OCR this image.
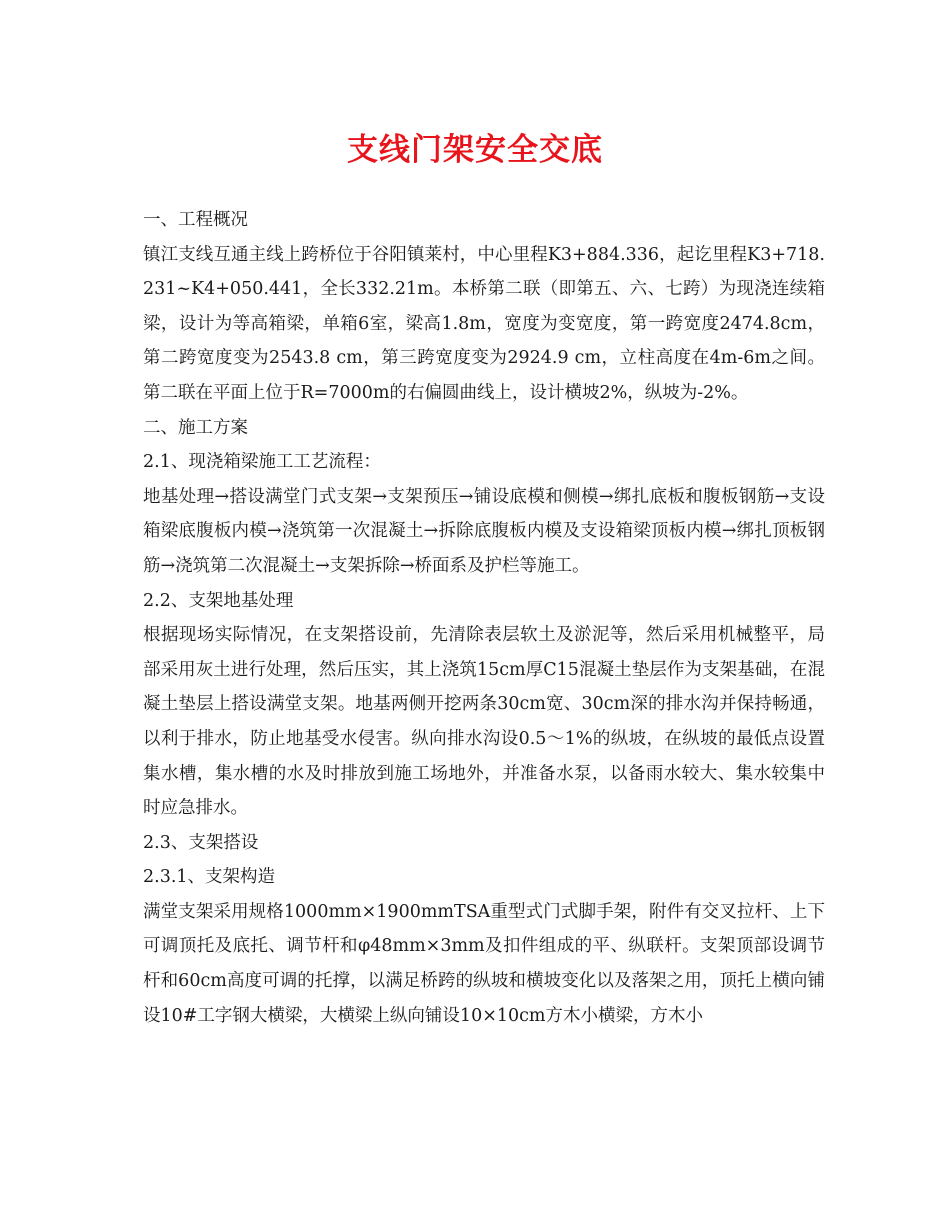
支线门架安全交底

一、工程概况

镇江支线互通主线上跨桥位于谷阳镇莱村，中心里程K3+884.336，起讫里程K3+718.231~K4+050.441，全长332.21m。本桥第二联（即第五、六、七跨）为现浇连续箱梁，设计为等高箱梁，单箱6室，梁高1.8m，宽度为变宽度，第一跨宽度2474.8cm，第二跨宽度变为2543.8 cm，第三跨宽度变为2924.9 cm，立柱高度在4m-6m之间。第二联在平面上位于R=7000m的右偏圆曲线上，设计横坡2%，纵坡为-2%。

二、施工方案

2.1、现浇箱梁施工工艺流程：

地基处理→搭设满堂门式支架→支架预压→铺设底模和侧模→绑扎底板和腹板钢筋→支设箱梁底腹板内模→浇筑第一次混凝土→拆除底腹板内模及支设箱梁顶板内模→绑扎顶板钢筋→浇筑第二次混凝土→支架拆除→桥面系及护栏等施工。

2.2、支架地基处理

根据现场实际情况，在支架搭设前，先清除表层软土及淤泥等，然后采用机械整平，局部采用灰土进行处理，然后压实，其上浇筑15cm厚C15混凝土垫层作为支架基础，在混凝土垫层上搭设满堂支架。地基两侧开挖两条30cm宽、30cm深的排水沟并保持畅通，以利于排水，防止地基受水侵害。纵向排水沟设0.5～1%的纵坡，在纵坡的最低点设置集水槽，集水槽的水及时排放到施工场地外，并准备水泵，以备雨水较大、集水较集中时应急排水。

2.3、支架搭设

2.3.1、支架构造

满堂支架采用规格1000mm×1900mmTSA重型式门式脚手架，附件有交叉拉杆、上下可调顶托及底托、调节杆和φ48mm×3mm及扣件组成的平、纵联杆。支架顶部设调节杆和60cm高度可调的托撑，以满足桥跨的纵坡和横坡变化以及落架之用，顶托上横向铺设10#工字钢大横梁，大横梁上纵向铺设10×10cm方木小横梁，方木小
